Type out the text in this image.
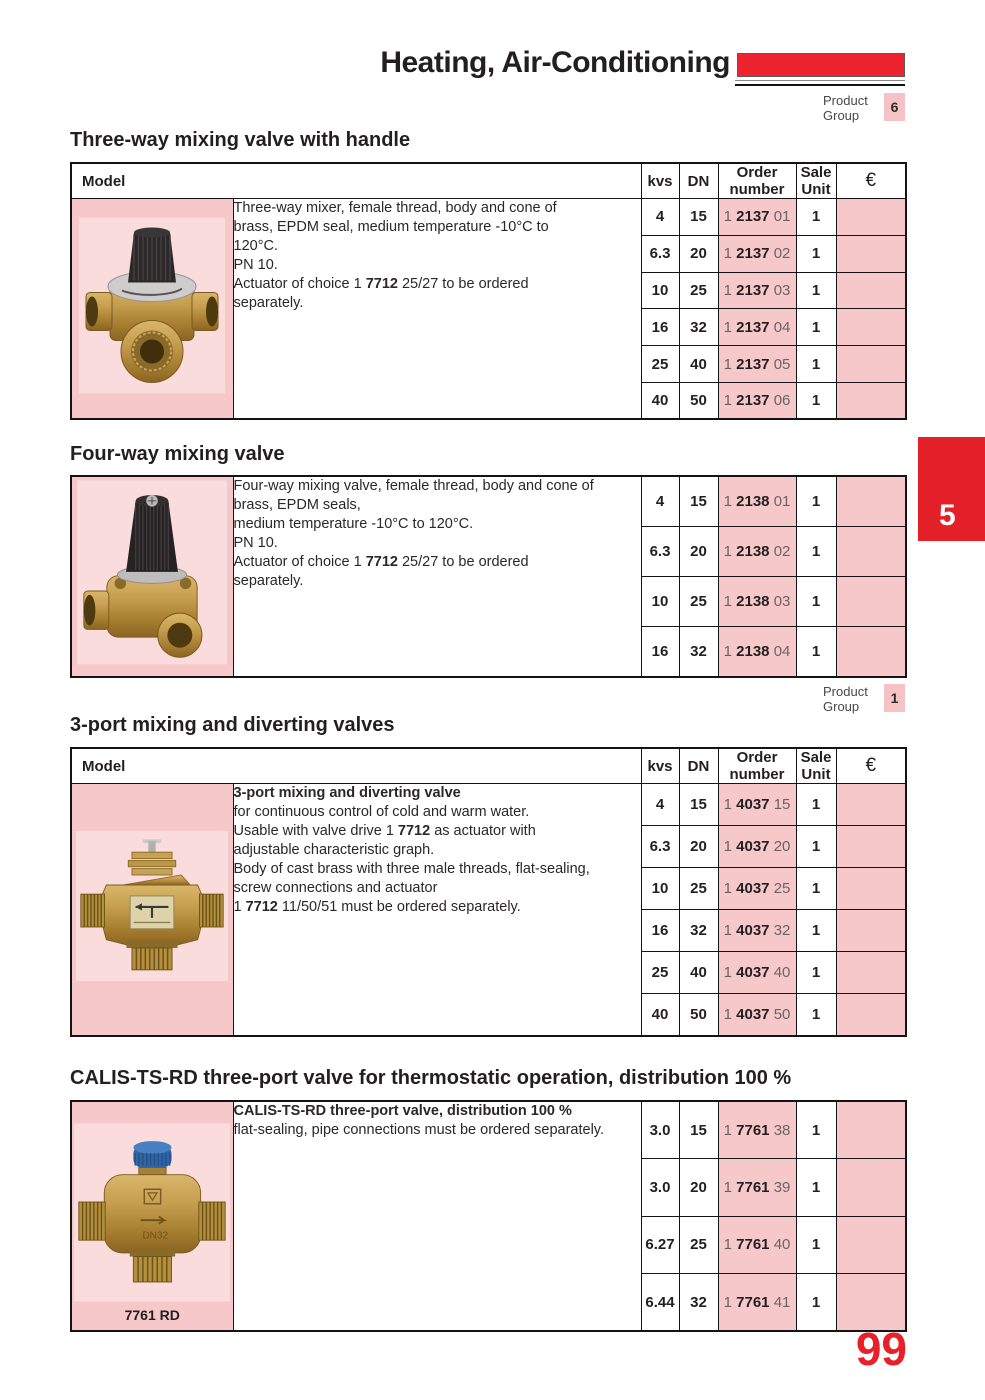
Heating, Air-Conditioning
Product Group
6
Three-way mixing valve with handle
Model		kvs	DN	Order number	Sale Unit	€

Three-way mixer, female thread, body and cone of
brass, EPDM seal, medium temperature -10°C to
120°C.
PN 10.
Actuator of choice 1 7712 25/27 to be ordered
separately.
	4	15	1 2137 01	1	
		6.3	20	1 2137 02	1	
		10	25	1 2137 03	1	
		16	32	1 2137 04	1	
		25	40	1 2137 05	1	
		40	50	1 2137 06	1	
Four-way mixing valve

Four-way mixing valve, female thread, body and cone of
brass, EPDM seals,
medium temperature -10°C to 120°C.
PN 10.
Actuator of choice 1 7712 25/27 to be ordered
separately.
	4	15	1 2138 01	1	
		6.3	20	1 2138 02	1	
		10	25	1 2138 03	1	
		16	32	1 2138 04	1	
Product Group
1
3-port mixing and diverting valves
Model		kvs	DN	Order number	Sale Unit	€

3-port mixing and diverting valve
for continuous control of cold and warm water.
Usable with valve drive 1 7712 as actuator with
adjustable characteristic graph.
Body of cast brass with three male threads, flat-sealing,
screw connections and actuator
1 7712 11/50/51 must be ordered separately.
	4	15	1 4037 15	1	
		6.3	20	1 4037 20	1	
		10	25	1 4037 25	1	
		16	32	1 4037 32	1	
		25	40	1 4037 40	1	
		40	50	1 4037 50	1	
CALIS-TS-RD three-port valve for thermostatic operation, distribution 100 %
DN32
7761 RD

CALIS-TS-RD three-port valve, distribution 100 %
flat-sealing, pipe connections must be ordered separately.	3.0	15	1 7761 38	1	
		3.0	20	1 7761 39	1	
		6.27	25	1 7761 40	1	
		6.44	32	1 7761 41	1	
5
99
